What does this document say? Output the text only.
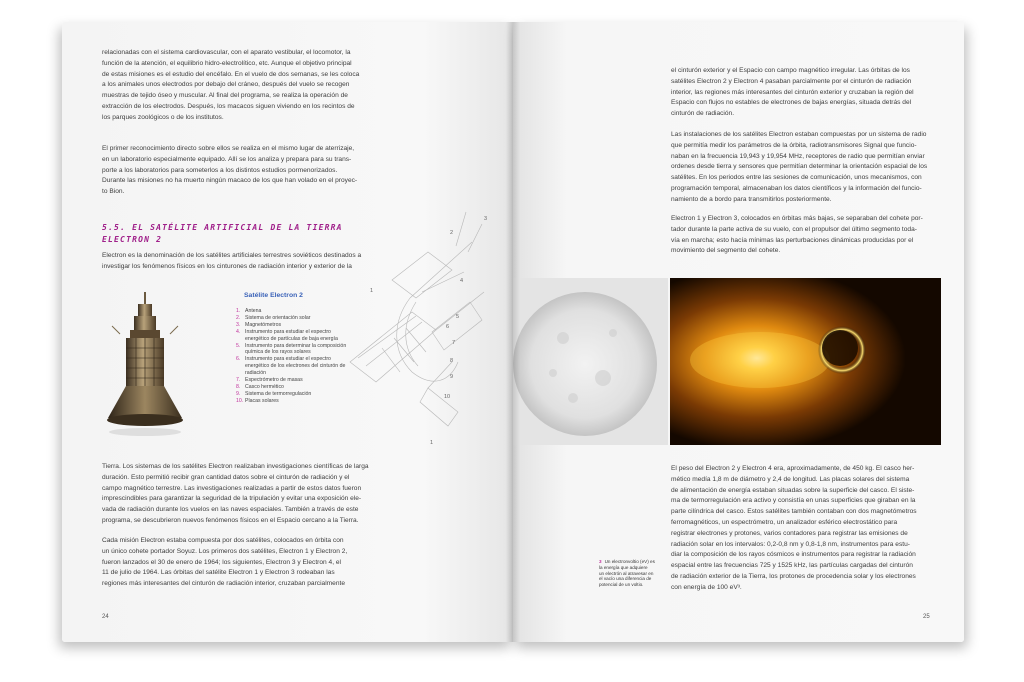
relacionadas con el sistema cardiovascular, con el aparato vestibular, el locomotor, la

función de la atención, el equilibrio hidro-electrolítico, etc. Aunque el objetivo principal

de estas misiones es el estudio del encéfalo. En el vuelo de dos semanas, se les coloca

a los animales unos electrodos por debajo del cráneo, después del vuelo se recogen

muestras de tejido óseo y muscular. Al final del programa, se realiza la operación de

extracción de los electrodos. Después, los macacos siguen viviendo en los recintos de

los parques zoológicos o de los institutos.

El primer reconocimiento directo sobre ellos se realiza en el mismo lugar de aterrizaje,

en un laboratorio especialmente equipado. Allí se los analiza y prepara para su trans-

porte a los laboratorios para someterlos a los distintos estudios pormenorizados.

Durante las misiones no ha muerto ningún macaco de los que han volado en el proyec-

to Bion.

5.5. EL SATÉLITE ARTIFICIAL DE LA TIERRA
ELECTRON 2

Electron es la denominación de los satélites artificiales terrestres soviéticos destinados a

investigar los fenómenos físicos en los cinturones de radiación interior y exterior de la

Satélite Electron 2
1. Antena
2. Sistema de orientación solar
3. Magnetómetros
4. Instrumento para estudiar el espectro
energético de partículas de baja energía
5. Instrumento para determinar la composición
química de los rayos solares
6. Instrumento para estudiar el espectro
energético de los electrones del cinturón de
radiación
7. Espectrómetro de masas
8. Casco hermético
9. Sistema de termorregulación
10. Placas solares
3
2
1
4
5
6
7
8
9
10
1

Tierra. Los sistemas de los satélites Electron realizaban investigaciones científicas de larga

duración. Esto permitió recibir gran cantidad datos sobre el cinturón de radiación y el

campo magnético terrestre. Las investigaciones realizadas a partir de estos datos fueron

imprescindibles para garantizar la seguridad de la tripulación y evitar una exposición ele-

vada de radiación durante los vuelos en las naves espaciales. También a través de este

programa, se descubrieron nuevos fenómenos físicos en el Espacio cercano a la Tierra.

Cada misión Electron estaba compuesta por dos satélites, colocados en órbita con

un único cohete portador Soyuz. Los primeros dos satélites, Electron 1 y Electron 2,

fueron lanzados el 30 de enero de 1964; los siguientes, Electron 3 y Electron 4, el

11 de julio de 1964. Las órbitas del satélite Electron 1 y Electron 3 rodeaban las

regiones más interesantes del cinturón de radiación interior, cruzaban parcialmente

24

el cinturón exterior y el Espacio con campo magnético irregular. Las órbitas de los

satélites Electron 2 y Electron 4 pasaban parcialmente por el cinturón de radiación

interior, las regiones más interesantes del cinturón exterior y cruzaban la región del

Espacio con flujos no estables de electrones de bajas energías, situada detrás del

cinturón de radiación.

Las instalaciones de los satélites Electron estaban compuestas por un sistema de radio

que permitía medir los parámetros de la órbita, radiotransmisores Signal que funcio-

naban en la frecuencia 19,943 y 19,954 MHz, receptores de radio que permitían enviar

ordenes desde tierra y sensores que permitían determinar la orientación espacial de los

satélites. En los periodos entre las sesiones de comunicación, unos mecanismos, con

programación temporal, almacenaban los datos científicos y la información del funcio-

namiento de a bordo para transmitirlos posteriormente.

Electron 1 y Electron 3, colocados en órbitas más bajas, se separaban del cohete por-

tador durante la parte activa de su vuelo, con el propulsor del último segmento toda-

vía en marcha; esto hacía mínimas las perturbaciones dinámicas producidas por el

movimiento del segmento del cohete.

El peso del Electron 2 y Electron 4 era, aproximadamente, de 450 kg. El casco her-

mético medía 1,8 m de diámetro y 2,4 de longitud. Las placas solares del sistema

de alimentación de energía estaban situadas sobre la superficie del casco. El siste-

ma de termorregulación era activo y consistía en unas superficies que giraban en la

parte cilíndrica del casco. Estos satélites también contaban con dos magnetómetros

ferromagnéticos, un espectrómetro, un analizador esférico electrostático para

registrar electrones y protones, varios contadores para registrar las emisiones de

radiación solar en los intervalos: 0,2-0,8 nm y 0,8-1,8 nm, instrumentos para estu-

diar la composición de los rayos cósmicos e instrumentos para registrar la radiación

espacial entre las frecuencias 725 y 1525 kHz, las partículas cargadas del cinturón

de radiación exterior de la Tierra, los protones de procedencia solar y los electrones

con energía de 100 eV³.

3 Un electronvoltio (eV) es
la energía que adquiere
un electrón al atravesar en
el vacío una diferencia de
potencial de un voltio.
25
